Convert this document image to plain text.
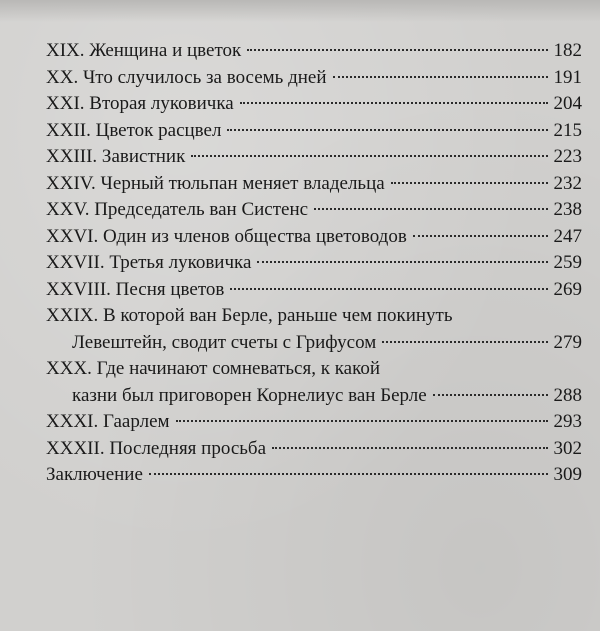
XIX. Женщина и цветок	182
XX. Что случилось за восемь дней	191
XXI. Вторая луковичка	204
XXII. Цветок расцвел	215
XXIII. Завистник	223
XXIV. Черный тюльпан меняет владельца	232
XXV. Председатель ван Систенс	238
XXVI. Один из членов общества цветоводов	247
XXVII. Третья луковичка	259
XXVIII. Песня цветов	269
XXIX. В которой ван Берле, раньше чем покинуть
Левештейн, сводит счеты с Грифусом	279
XXX. Где начинают сомневаться, к какой
казни был приговорен Корнелиус ван Берле	288
XXXI. Гаарлем	293
XXXII. Последняя просьба	302
Заключение	309
